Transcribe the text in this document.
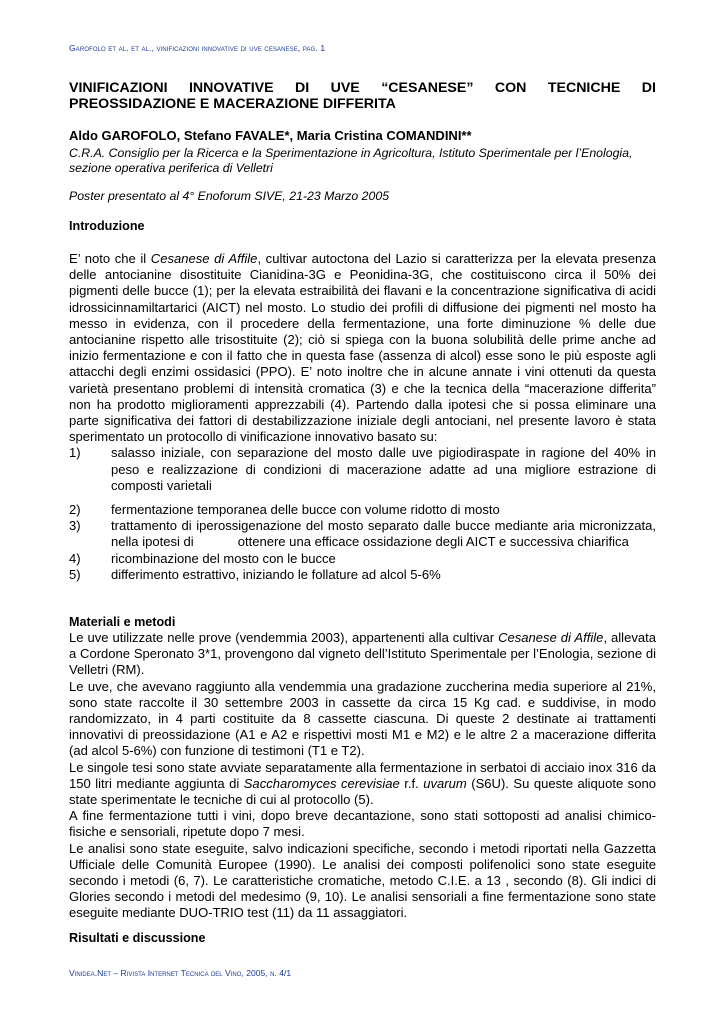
Garofolo et al. et al., vinificazioni innovative di uve cesanese, pag. 1
VINIFICAZIONI INNOVATIVE DI UVE “CESANESE” CON TECNICHE DI
PREOSSIDAZIONE E MACERAZIONE DIFFERITA
Aldo GAROFOLO, Stefano FAVALE*, Maria Cristina COMANDINI**
C.R.A. Consiglio per la Ricerca e la Sperimentazione in Agricoltura, Istituto Sperimentale per l’Enologia, sezione operativa periferica di Velletri
Poster presentato al 4° Enoforum SIVE, 21-23 Marzo 2005
Introduzione

E’ noto che il Cesanese di Affile, cultivar autoctona del Lazio si caratterizza per la elevata presenza delle antocianine disostituite Cianidina-3G e Peonidina-3G, che costituiscono circa il 50% dei pigmenti delle bucce (1); per la elevata estraibilità dei flavani e la concentrazione significativa di acidi idrossicinnamiltartarici (AICT) nel mosto. Lo studio dei profili di diffusione dei pigmenti nel mosto ha messo in evidenza, con il procedere della fermentazione, una forte diminuzione % delle due antocianine rispetto alle trisostituite (2); ciò si spiega con la buona solubilità delle prime anche ad inizio fermentazione e con il fatto che in questa fase (assenza di alcol) esse sono le più esposte agli attacchi degli enzimi ossidasici (PPO). E’ noto inoltre che in alcune annate i vini ottenuti da questa varietà presentano problemi di intensità cromatica (3) e che la tecnica della “macerazione differita” non ha prodotto miglioramenti apprezzabili (4). Partendo dalla ipotesi che si possa eliminare una parte significativa dei fattori di destabilizzazione iniziale degli antociani, nel presente lavoro è stata sperimentato un protocollo di vinificazione innovativo basato su:

1)	salasso iniziale, con separazione del mosto dalle uve pigiodiraspate in ragione del 40% in peso e realizzazione di condizioni di macerazione adatte ad una migliore estrazione di composti varietali
2)	fermentazione temporanea delle bucce con volume ridotto di mosto
3)	trattamento di iperossigenazione del mosto separato dalle bucce mediante aria micronizzata, nella ipotesi di	ottenere una efficace ossidazione degli AICT e successiva chiarifica
4)	ricombinazione del mosto con le bucce
5)	differimento estrattivo, iniziando le follature ad alcol 5-6%
Materiali e metodi

Le uve utilizzate nelle prove (vendemmia 2003), appartenenti alla cultivar Cesanese di Affile, allevata a Cordone Speronato 3*1, provengono dal vigneto dell’Istituto Sperimentale per l’Enologia, sezione di Velletri (RM).

Le uve, che avevano raggiunto alla vendemmia una gradazione zuccherina media superiore al 21%, sono state raccolte il 30 settembre 2003 in cassette da circa 15 Kg cad. e suddivise, in modo randomizzato, in 4 parti costituite da 8 cassette ciascuna. Di queste 2 destinate ai trattamenti innovativi di preossidazione (A1 e A2 e rispettivi mosti M1 e M2) e le altre 2 a macerazione differita (ad alcol 5-6%) con funzione di testimoni (T1 e T2).

Le singole tesi sono state avviate separatamente alla fermentazione in serbatoi di acciaio inox 316 da 150 litri mediante aggiunta di Saccharomyces cerevisiae r.f. uvarum (S6U). Su queste aliquote sono state sperimentate le tecniche di cui al protocollo (5).

A fine fermentazione tutti i vini, dopo breve decantazione, sono stati sottoposti ad analisi chimico-fisiche e sensoriali, ripetute dopo 7 mesi.

Le analisi sono state eseguite, salvo indicazioni specifiche, secondo i metodi riportati nella Gazzetta Ufficiale delle Comunità Europee (1990). Le analisi dei composti polifenolici sono state eseguite secondo i metodi (6, 7). Le caratteristiche cromatiche, metodo C.I.E. a 13 , secondo (8). Gli indici di Glories secondo i metodi del medesimo (9, 10). Le analisi sensoriali a fine fermentazione sono state eseguite mediante DUO-TRIO test (11) da 11 assaggiatori.

Risultati e discussione
Vinidea.Net – Rivista Internet Tecnica del Vino, 2005, n. 4/1
